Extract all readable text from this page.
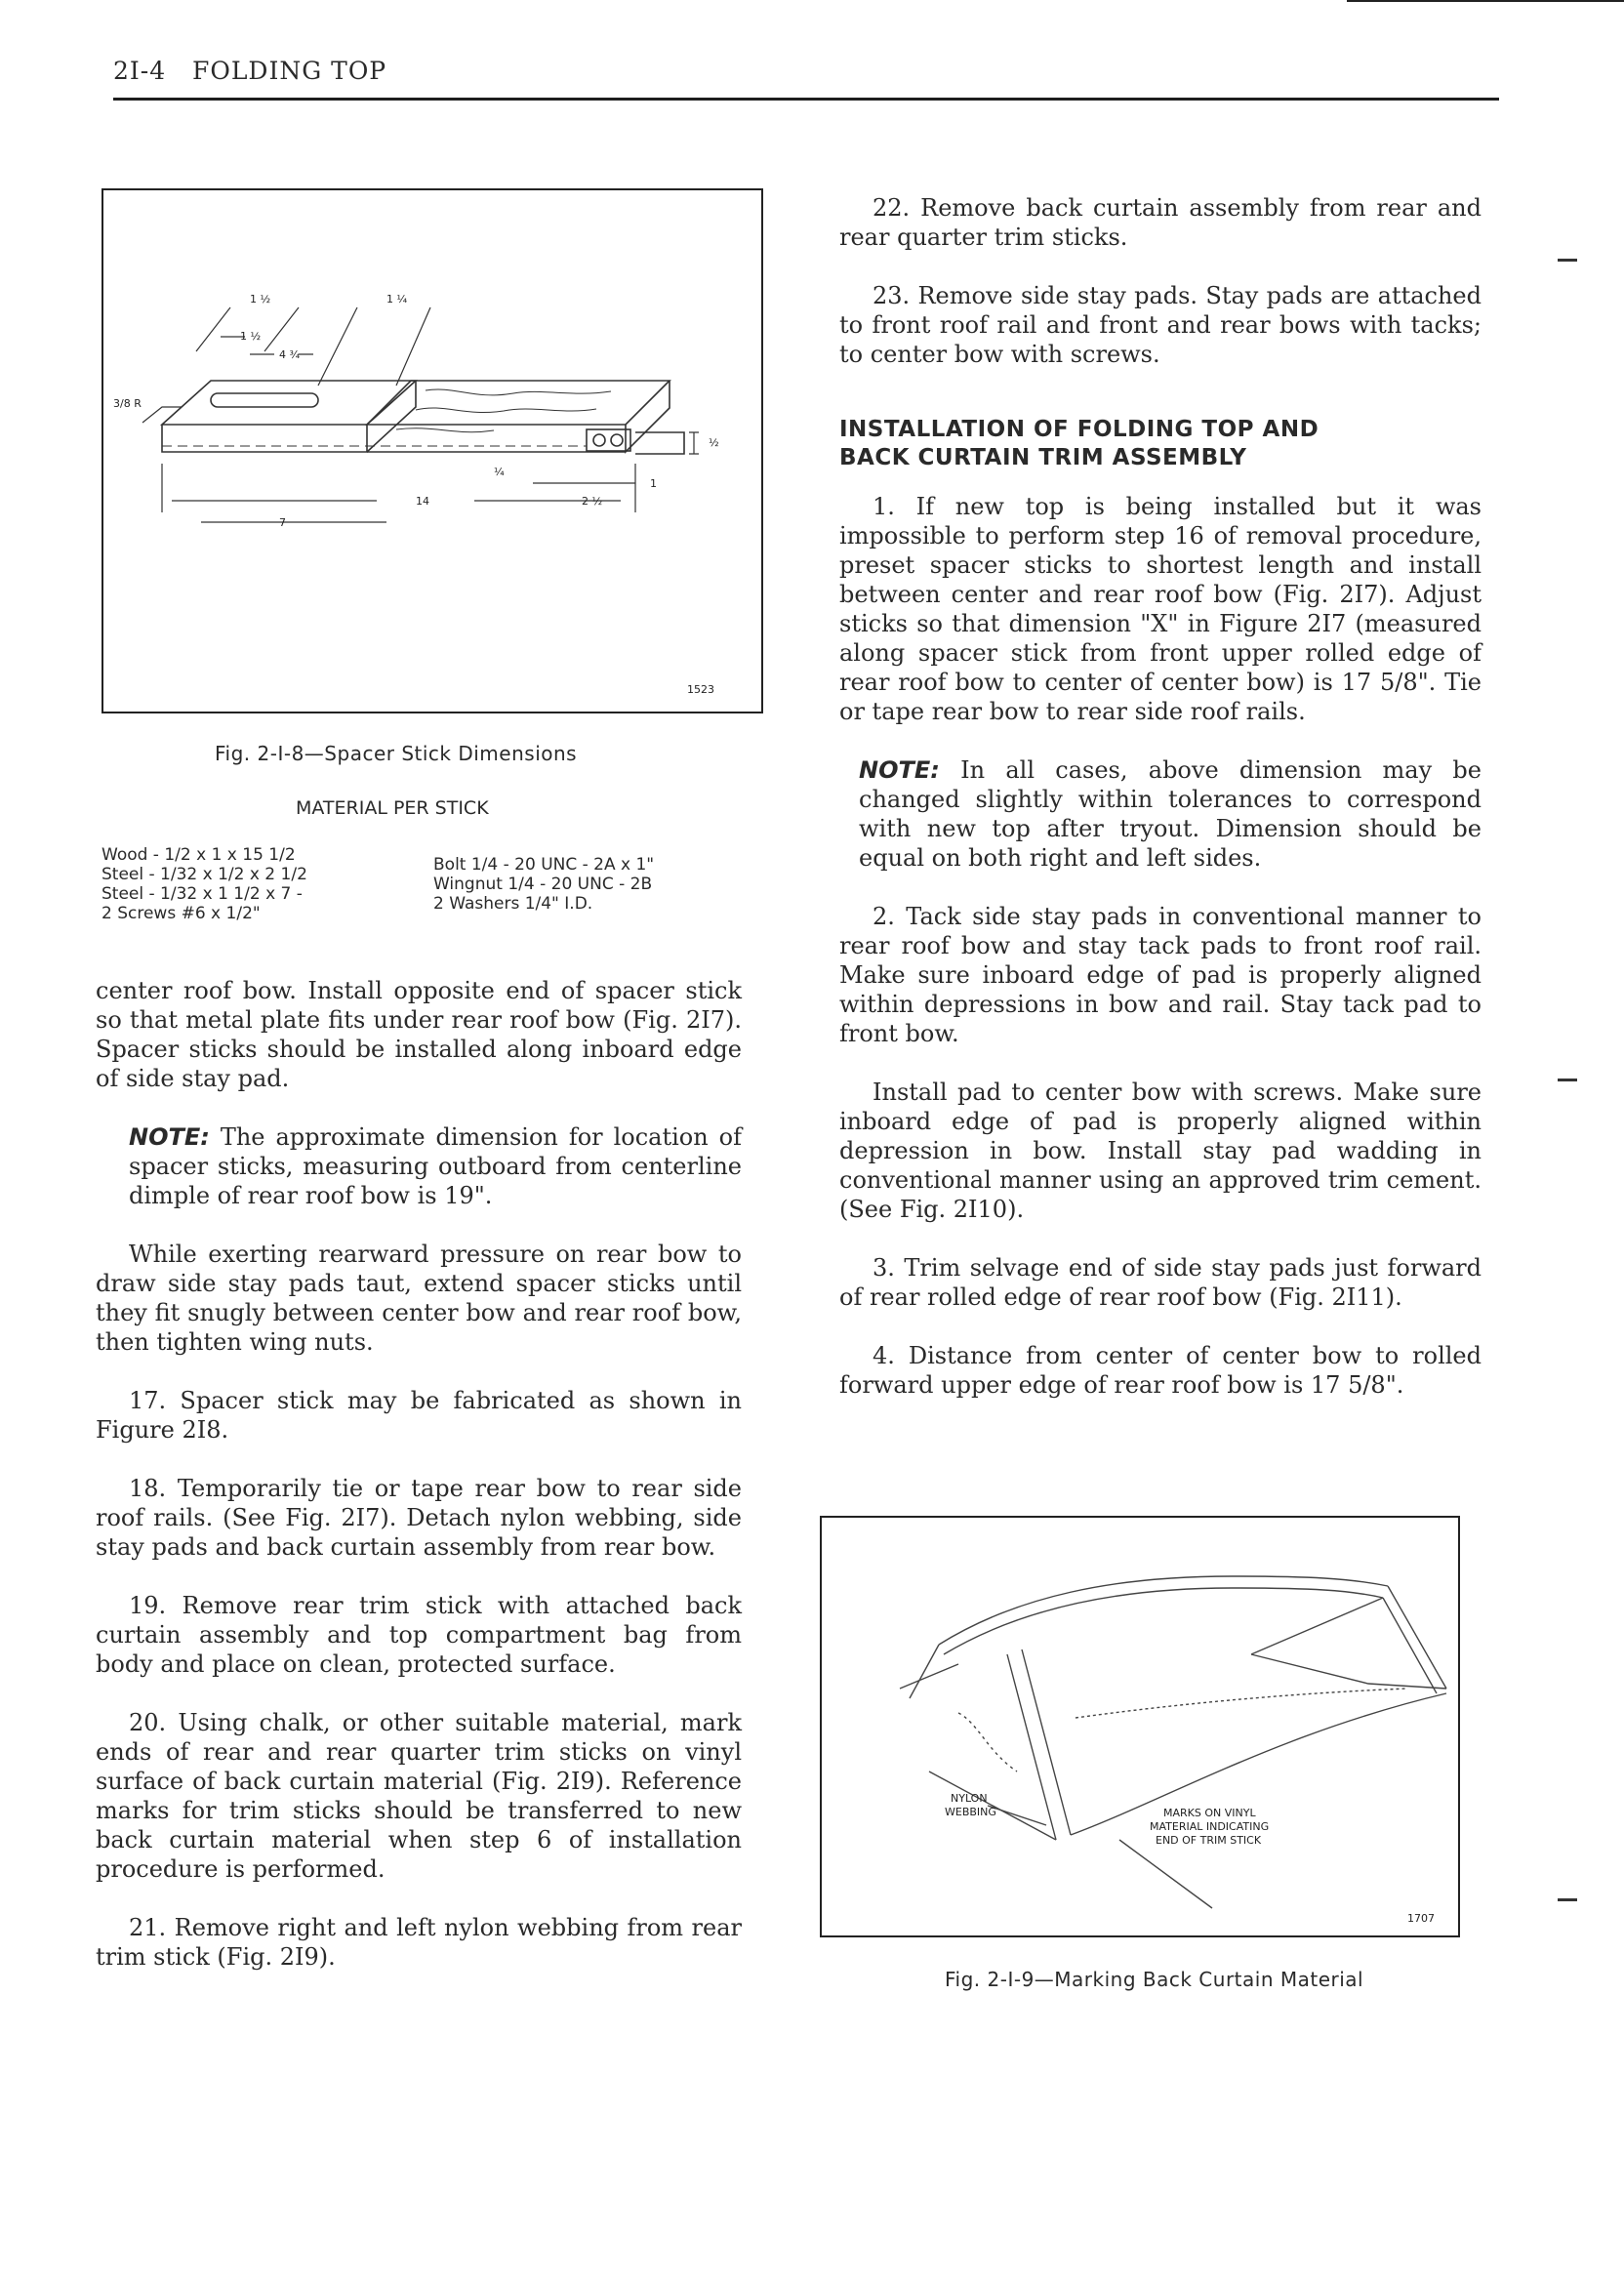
2I-4 FOLDING TOP
1 ½	1 ¼
4 ¾
1 ½
3/8 R
14
7
2 ½
1
½
¼
1523
Fig. 2-I-8—Spacer Stick Dimensions
MATERIAL PER STICK
Wood - 1/2 x 1 x 15 1/2
Steel - 1/32 x 1/2 x 2 1/2
Steel - 1/32 x 1 1/2 x 7 -
2 Screws #6 x 1/2"
Bolt 1/4 - 20 UNC - 2A x 1"
Wingnut 1/4 - 20 UNC - 2B
2 Washers 1/4" I.D.

center roof bow. Install opposite end of spacer stick so that metal plate fits under rear roof bow (Fig. 2I7). Spacer sticks should be installed along inboard edge of side stay pad.

NOTE: The approximate dimension for location of spacer sticks, measuring outboard from centerline dimple of rear roof bow is 19".

While exerting rearward pressure on rear bow to draw side stay pads taut, extend spacer sticks until they fit snugly between center bow and rear roof bow, then tighten wing nuts.

17. Spacer stick may be fabricated as shown in Figure 2I8.

18. Temporarily tie or tape rear bow to rear side roof rails. (See Fig. 2I7). Detach nylon webbing, side stay pads and back curtain assembly from rear bow.

19. Remove rear trim stick with attached back curtain assembly and top compartment bag from body and place on clean, protected surface.

20. Using chalk, or other suitable material, mark ends of rear and rear quarter trim sticks on vinyl surface of back curtain material (Fig. 2I9). Reference marks for trim sticks should be transferred to new back curtain material when step 6 of installation procedure is performed.

21. Remove right and left nylon webbing from rear trim stick (Fig. 2I9).

22. Remove back curtain assembly from rear and rear quarter trim sticks.

23. Remove side stay pads. Stay pads are attached to front roof rail and front and rear bows with tacks; to center bow with screws.

INSTALLATION OF FOLDING TOP AND
BACK CURTAIN TRIM ASSEMBLY

1. If new top is being installed but it was impossible to perform step 16 of removal procedure, preset spacer sticks to shortest length and install between center and rear roof bow (Fig. 2I7). Adjust sticks so that dimension "X" in Figure 2I7 (measured along spacer stick from front upper rolled edge of rear roof bow to center of center bow) is 17 5/8". Tie or tape rear bow to rear side roof rails.

NOTE: In all cases, above dimension may be changed slightly within tolerances to correspond with new top after tryout. Dimension should be equal on both right and left sides.

2. Tack side stay pads in conventional manner to rear roof bow and stay tack pads to front roof rail. Make sure inboard edge of pad is properly aligned within depressions in bow and rail. Stay tack pad to front bow.

Install pad to center bow with screws. Make sure inboard edge of pad is properly aligned within depression in bow. Install stay pad wadding in conventional manner using an approved trim cement. (See Fig. 2I10).

3. Trim selvage end of side stay pads just forward of rear rolled edge of rear roof bow (Fig. 2I11).

4. Distance from center of center bow to rolled forward upper edge of rear roof bow is 17 5/8".

NYLON
WEBBING	MARKS ON VINYL
MATERIAL INDICATING
END OF TRIM STICK
1707
Fig. 2-I-9—Marking Back Curtain Material
